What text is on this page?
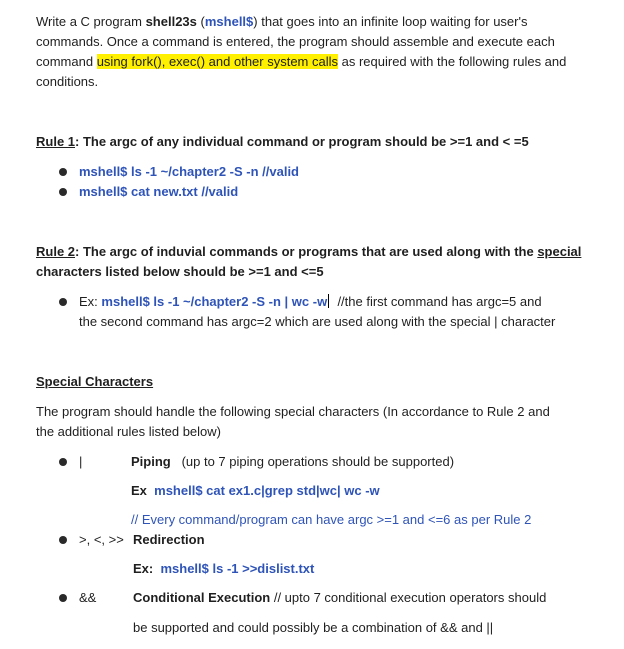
Write a C program shell23s (mshell$) that goes into an infinite loop waiting for user's commands. Once a command is entered, the program should assemble and execute each command using fork(), exec() and other system calls as required with the following rules and conditions.
Rule 1: The argc of any individual command or program should be >=1 and < =5
mshell$ ls -1 ~/chapter2 -S -n //valid
mshell$ cat new.txt //valid
Rule 2: The argc of induvial commands or programs that are used along with the special characters listed below should be >=1 and <=5
Ex: mshell$ ls -1 ~/chapter2 -S -n | wc -w //the first command has argc=5 and
the second command has argc=2 which are used along with the special | character
Special Characters
The program should handle the following special characters (In accordance to Rule 2 and
the additional rules listed below)
|	Piping (up to 7 piping operations should be supported)
Ex mshell$ cat ex1.c|grep std|wc| wc -w
// Every command/program can have argc >=1 and <=6 as per Rule 2
>, <, >> Redirection
Ex: mshell$ ls -1 >>dislist.txt
&&	Conditional Execution // upto 7 conditional execution operators should
be supported and could possibly be a combination of && and ||
